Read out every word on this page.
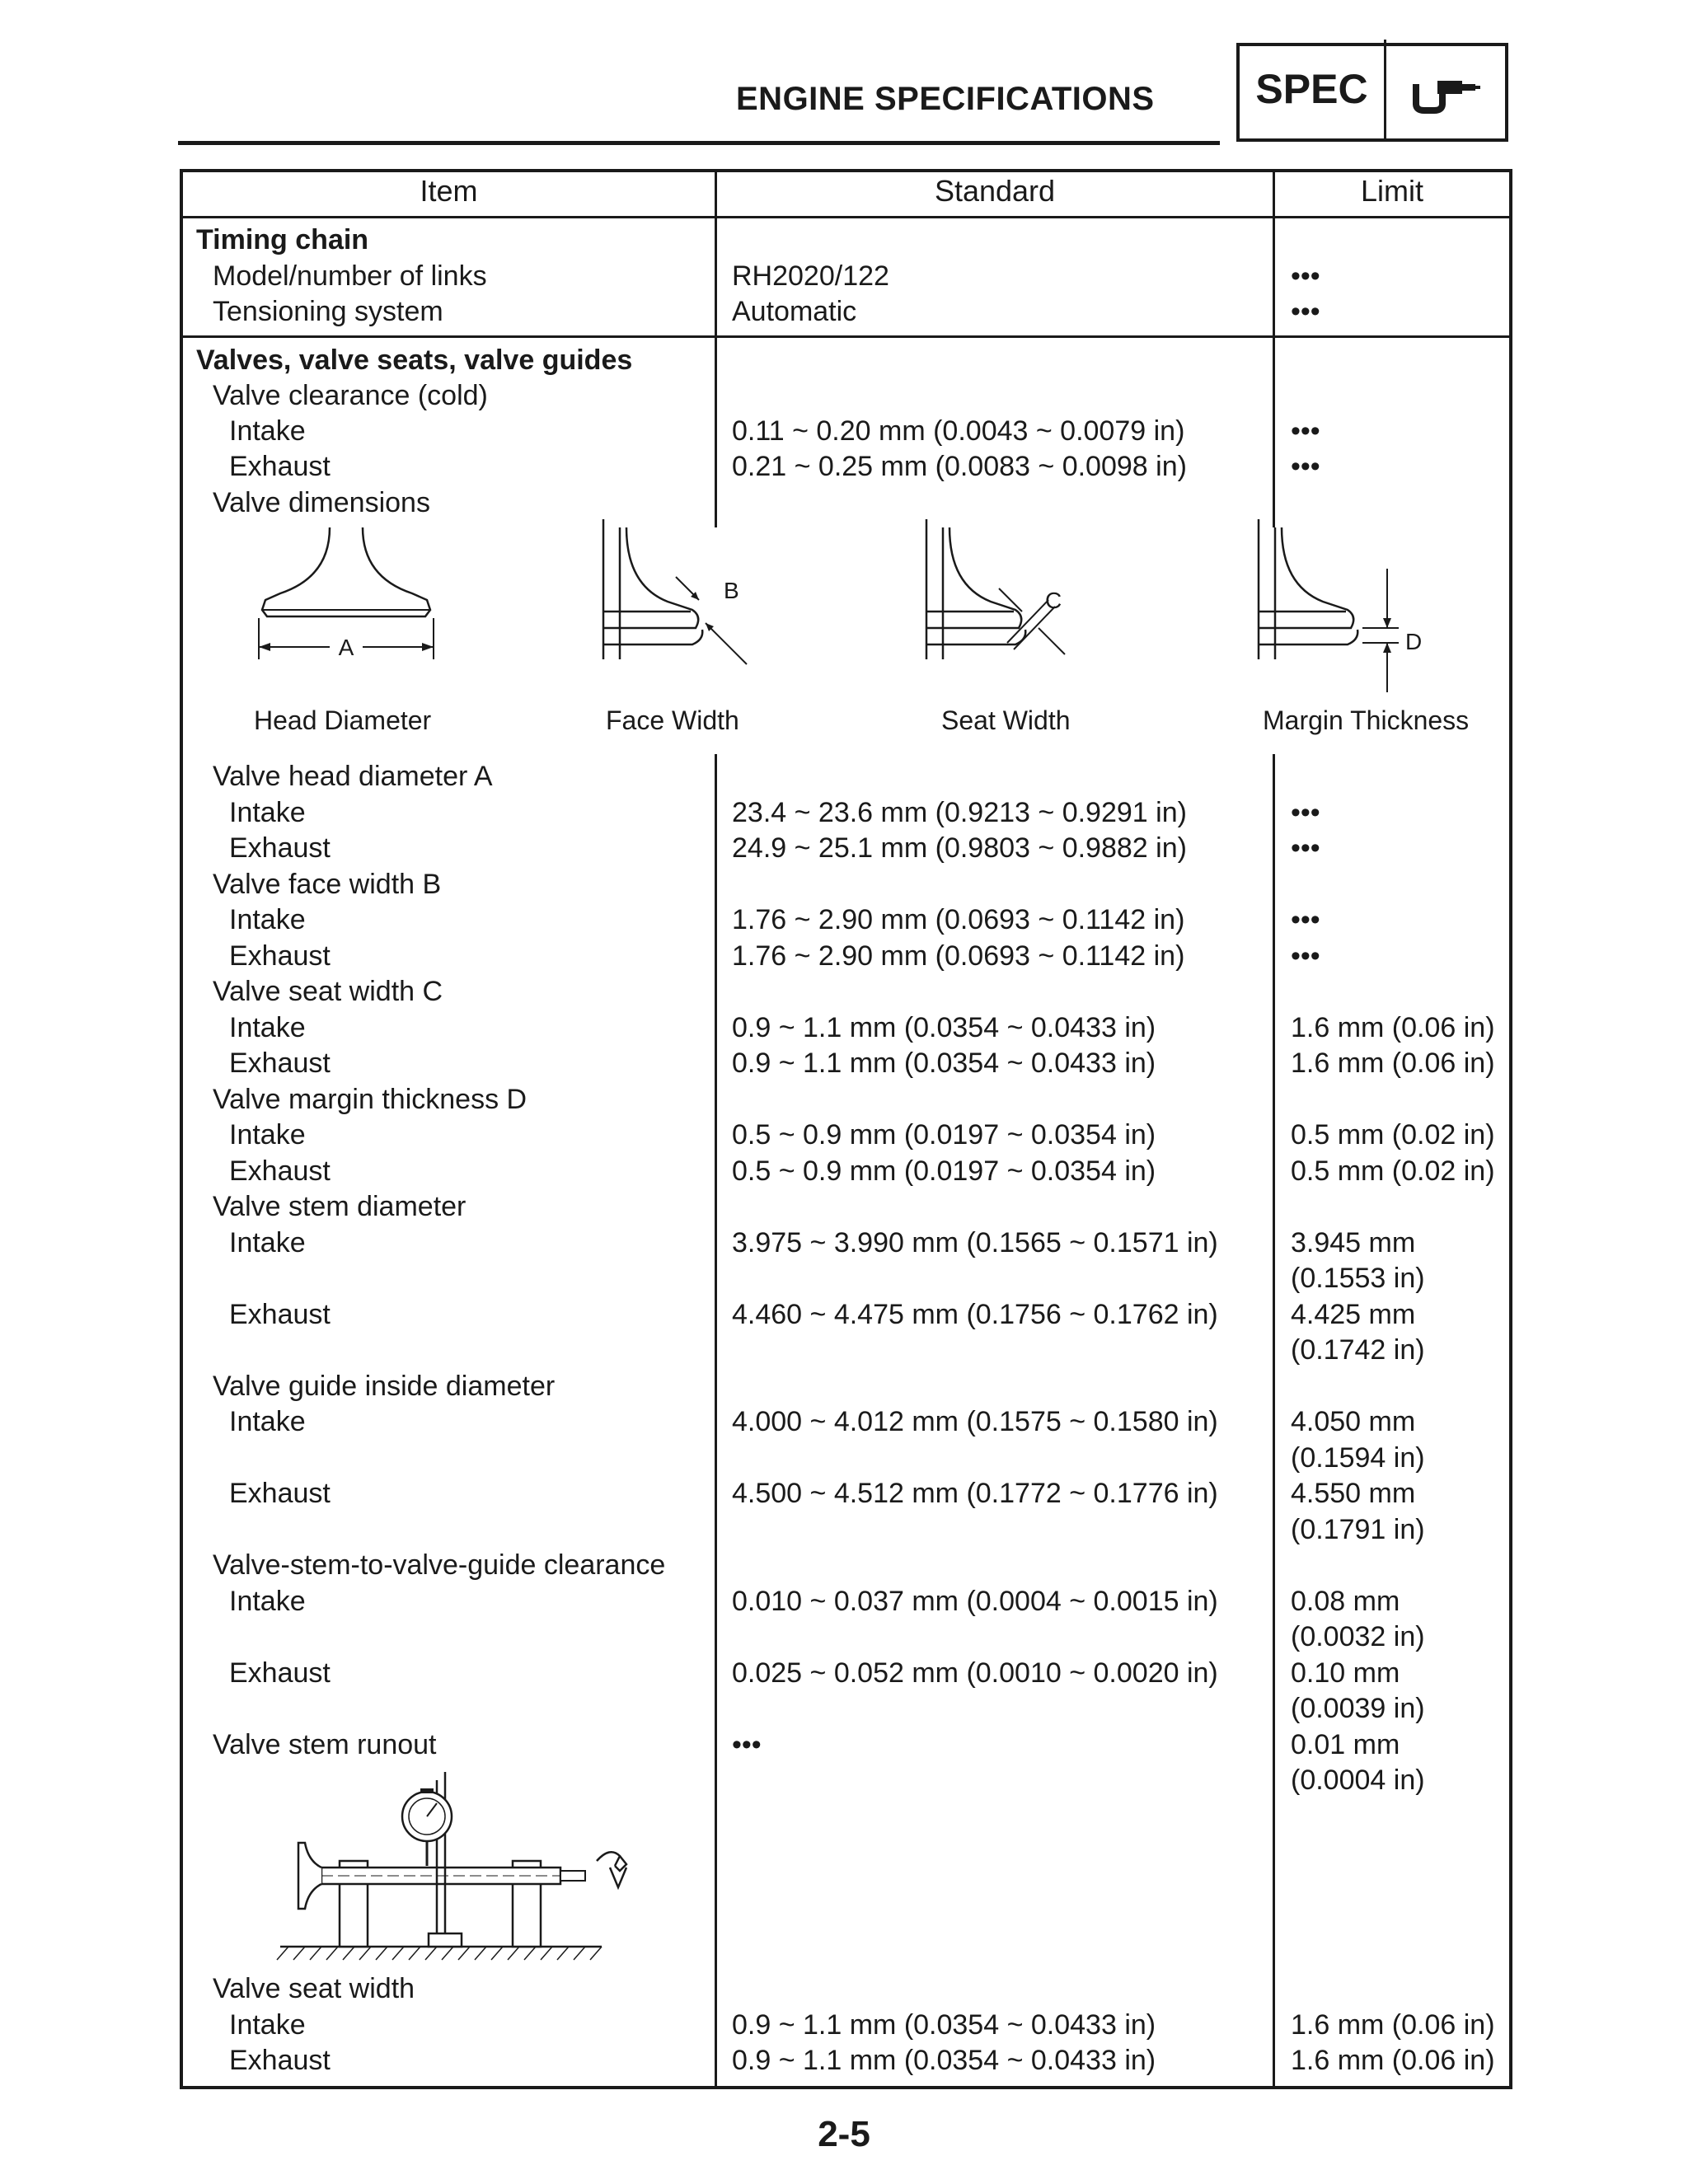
ENGINE SPECIFICATIONS	SPEC
Item	Standard	Limit
Timing chain
Model/number of links	RH2020/122	•••
Tensioning system	Automatic	•••
Valves, valve seats, valve guides
Valve clearance (cold)
Intake	0.11 ~ 0.20 mm (0.0043 ~ 0.0079 in)	•••
Exhaust	0.21 ~ 0.25 mm (0.0083 ~ 0.0098 in)	•••
Valve dimensions
A
B	C
D
Head Diameter	Face Width	Seat Width	Margin Thickness
Valve head diameter A
Intake	23.4 ~ 23.6 mm (0.9213 ~ 0.9291 in)	•••
Exhaust	24.9 ~ 25.1 mm (0.9803 ~ 0.9882 in)	•••
Valve face width B
Intake	1.76 ~ 2.90 mm (0.0693 ~ 0.1142 in)	•••
Exhaust	1.76 ~ 2.90 mm (0.0693 ~ 0.1142 in)	•••
Valve seat width C
Intake	0.9 ~ 1.1 mm (0.0354 ~ 0.0433 in)	1.6 mm (0.06 in)
Exhaust	0.9 ~ 1.1 mm (0.0354 ~ 0.0433 in)	1.6 mm (0.06 in)
Valve margin thickness D
Intake	0.5 ~ 0.9 mm (0.0197 ~ 0.0354 in)	0.5 mm (0.02 in)
Exhaust	0.5 ~ 0.9 mm (0.0197 ~ 0.0354 in)	0.5 mm (0.02 in)
Valve stem diameter
Intake	3.975 ~ 3.990 mm (0.1565 ~ 0.1571 in)	3.945 mm
(0.1553 in)
Exhaust	4.460 ~ 4.475 mm (0.1756 ~ 0.1762 in)	4.425 mm
(0.1742 in)
Valve guide inside diameter
Intake	4.000 ~ 4.012 mm (0.1575 ~ 0.1580 in)	4.050 mm
(0.1594 in)
Exhaust	4.500 ~ 4.512 mm (0.1772 ~ 0.1776 in)	4.550 mm
(0.1791 in)
Valve-stem-to-valve-guide clearance
Intake	0.010 ~ 0.037 mm (0.0004 ~ 0.0015 in)	0.08 mm
(0.0032 in)
Exhaust	0.025 ~ 0.052 mm (0.0010 ~ 0.0020 in)	0.10 mm
(0.0039 in)
Valve stem runout	•••	0.01 mm
(0.0004 in)
Valve seat width
Intake	0.9 ~ 1.1 mm (0.0354 ~ 0.0433 in)	1.6 mm (0.06 in)
Exhaust	0.9 ~ 1.1 mm (0.0354 ~ 0.0433 in)	1.6 mm (0.06 in)
2-5
